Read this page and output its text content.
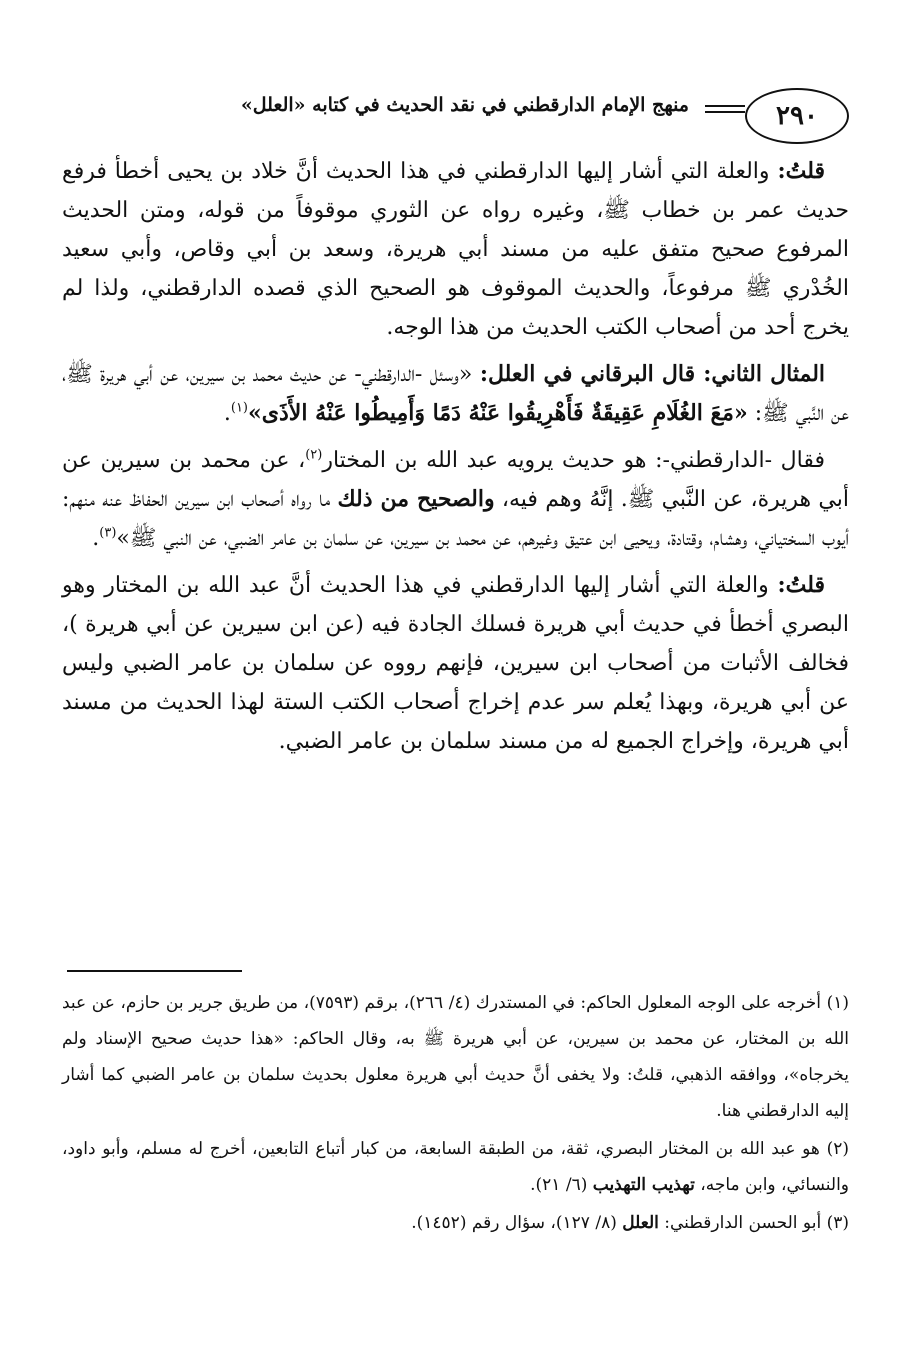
٢٩٠
منهج الإمام الدارقطني في نقد الحديث في كتابه «العلل»

قلتُ: والعلة التي أشار إليها الدارقطني في هذا الحديث أنَّ خلاد بن يحيى أخطأ فرفع حديث عمر بن خطاب ﷺ، وغيره رواه عن الثوري موقوفاً من قوله، ومتن الحديث المرفوع صحيح متفق عليه من مسند أبي هريرة، وسعد بن أبي وقاص، وأبي سعيد الخُدْري ﷺ مرفوعاً، والحديث الموقوف هو الصحيح الذي قصده الدارقطني، ولذا لم يخرج أحد من أصحاب الكتب الحديث من هذا الوجه.

المثال الثاني: قال البرقاني في العلل: «وسئل -الدارقطني- عن حديث محمد بن سيرين، عن أبي هريرة ﷺ، عن النَّبي ﷺ: «مَعَ الغُلَامِ عَقِيقَةٌ فَأَهْرِيقُوا عَنْهُ دَمًا وَأَمِيطُوا عَنْهُ الأَذَى»$^{(١)}$.

فقال -الدارقطني-: هو حديث يرويه عبد الله بن المختار$^{(٢)}$، عن محمد بن سيرين عن أبي هريرة، عن النَّبي ﷺ. إنَّهُ وهم فيه، والصحيح من ذلك ما رواه أصحاب ابن سيرين الحفاظ عنه منهم: أيوب السختياني، وهشام، وقتادة، ويحيى ابن عتيق وغيرهم، عن محمد بن سيرين، عن سلمان بن عامر الضبي، عن النبي ﷺ»$^{(٣)}$.

قلتُ: والعلة التي أشار إليها الدارقطني في هذا الحديث أنَّ عبد الله بن المختار وهو البصري أخطأ في حديث أبي هريرة فسلك الجادة فيه (عن ابن سيرين عن أبي هريرة )، فخالف الأثبات من أصحاب ابن سيرين، فإنهم رووه عن سلمان بن عامر الضبي وليس عن أبي هريرة، وبهذا يُعلم سر عدم إخراج أصحاب الكتب الستة لهذا الحديث من مسند أبي هريرة، وإخراج الجميع له من مسند سلمان بن عامر الضبي.

(١) أخرجه على الوجه المعلول الحاكم: في المستدرك (٤/ ٢٦٦)، برقم (٧٥٩٣)، من طريق جرير بن حازم، عن عبد الله بن المختار، عن محمد بن سيرين، عن أبي هريرة ﷺ به، وقال الحاكم: «هذا حديث صحيح الإسناد ولم يخرجاه»، ووافقه الذهبي، قلتُ: ولا يخفى أنَّ حديث أبي هريرة معلول بحديث سلمان بن عامر الضبي كما أشار إليه الدارقطني هنا.

(٢) هو عبد الله بن المختار البصري، ثقة، من الطبقة السابعة، من كبار أتباع التابعين، أخرج له مسلم، وأبو داود، والنسائي، وابن ماجه، تهذيب التهذيب (٦/ ٢١).

(٣) أبو الحسن الدارقطني: العلل (٨/ ١٢٧)، سؤال رقم (١٤٥٢).
